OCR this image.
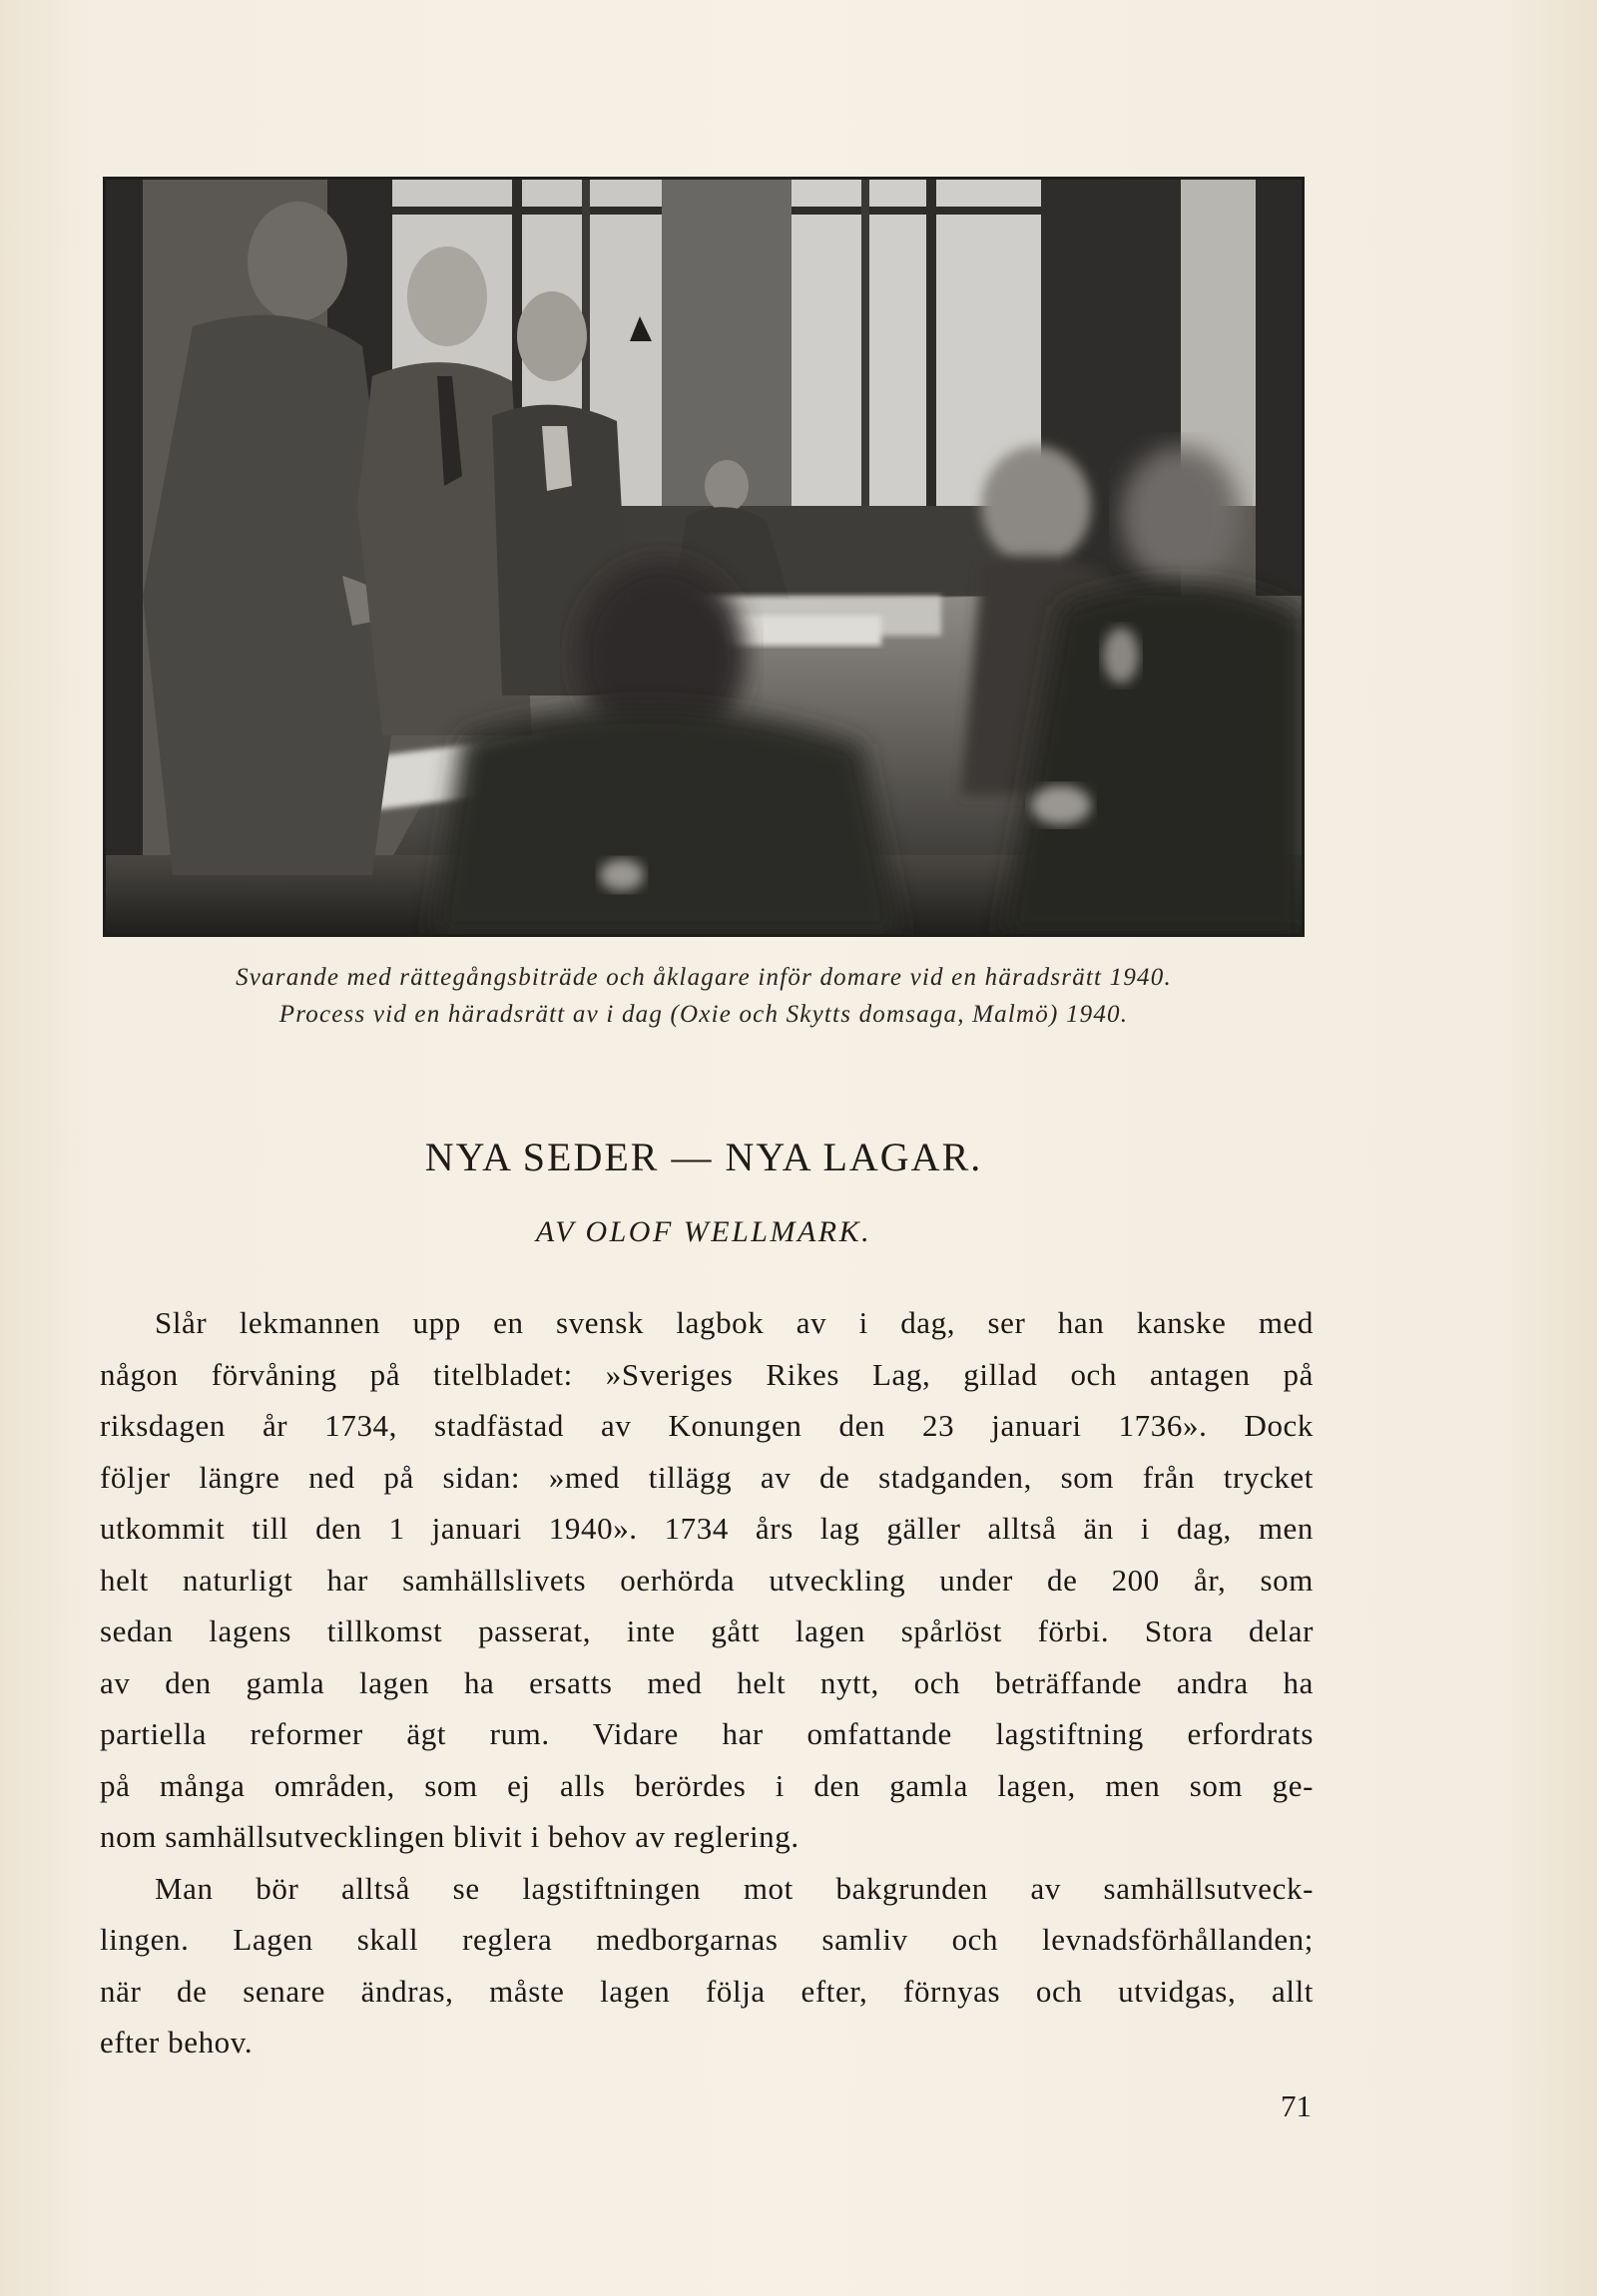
Svarande med rättegångsbiträde och åklagare inför domare vid en häradsrätt 1940.
Process vid en häradsrätt av i dag (Oxie och Skytts domsaga, Malmö) 1940.
NYA SEDER — NYA LAGAR.
AV OLOF WELLMARK.

Slår lekmannen upp en svensk lagbok av i dag, ser han kanske med
någon förvåning på titelbladet: »Sveriges Rikes Lag, gillad och antagen på
riksdagen år 1734, stadfästad av Konungen den 23 januari 1736». Dock
följer längre ned på sidan: »med tillägg av de stadganden, som från trycket
utkommit till den 1 januari 1940». 1734 års lag gäller alltså än i dag, men
helt naturligt har samhällslivets oerhörda utveckling under de 200 år, som
sedan lagens tillkomst passerat, inte gått lagen spårlöst förbi. Stora delar
av den gamla lagen ha ersatts med helt nytt, och beträffande andra ha
partiella reformer ägt rum. Vidare har omfattande lagstiftning erfordrats
på många områden, som ej alls berördes i den gamla lagen, men som ge-
nom samhällsutvecklingen blivit i behov av reglering.

Man bör alltså se lagstiftningen mot bakgrunden av samhällsutveck-
lingen. Lagen skall reglera medborgarnas samliv och levnadsförhållanden;
när de senare ändras, måste lagen följa efter, förnyas och utvidgas, allt
efter behov.

71
